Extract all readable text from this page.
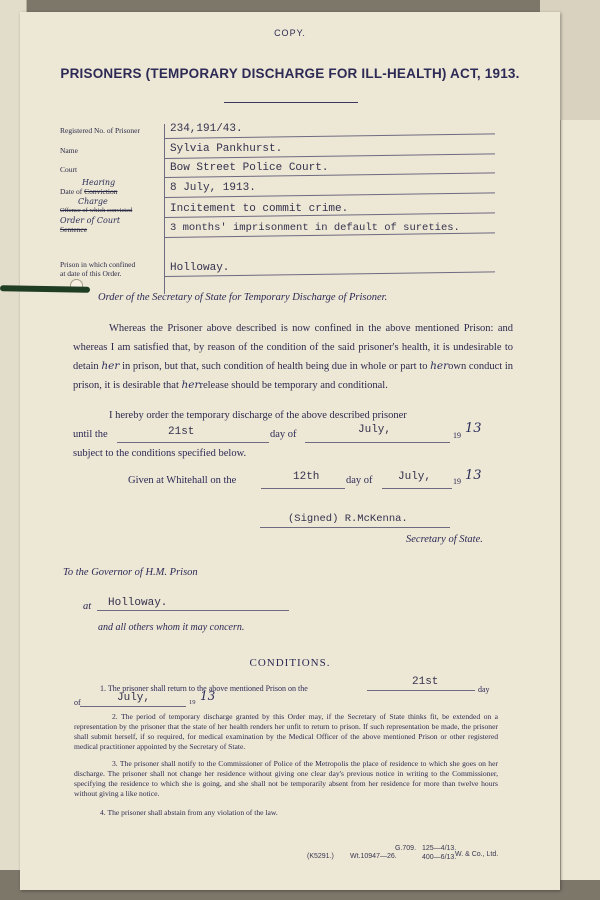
COPY.
PRISONERS (TEMPORARY DISCHARGE FOR ILL-HEALTH) ACT, 1913.
Registered No. of Prisoner	234,191/43.
Name	Sylvia Pankhurst.
Court	Bow Street Police Court.
Hearing
Date of Conviction	8 July, 1913.
Charge
Offence of which convicted	Incitement to commit crime.
Order of Court
Sentence	3 months' imprisonment in default of sureties.
Prison in which confined
at date of this Order.	Holloway.
Order of the Secretary of State for Temporary Discharge of Prisoner.
Whereas the Prisoner above described is now confined in the above mentioned Prison: and whereas I am satisfied that, by reason of the condition of the said prisoner's health, it is undesirable to detain her in prison, but that, such condition of health being due in whole or part to herown conduct in prison, it is desirable that herrelease should be temporary and conditional.
I hereby order the temporary discharge of the above described prisoner
until the	21st	day of	July,	19 13
subject to the conditions specified below.
Given at Whitehall on the	12th	day of July,	19 13
(Signed) R.McKenna.
Secretary of State.
To the Governor of H.M. Prison
at Holloway.
and all others whom it may concern.
CONDITIONS.
1. The prisoner shall return to the above mentioned Prison on the
21st
day
of	July,	19 13
2. The period of temporary discharge granted by this Order may, if the Secretary of State thinks fit, be extended on a representation by the prisoner that the state of her health renders her unfit to return to prison. If such representation be made, the prisoner shall submit herself, if so required, for medical examination by the Medical Officer of the above mentioned Prison or other registered medical practitioner appointed by the Secretary of State.
3. The prisoner shall notify to the Commissioner of Police of the Metropolis the place of residence to which she goes on her discharge. The prisoner shall not change her residence without giving one clear day's previous notice in writing to the Commissioner, specifying the residence to which she is going, and she shall not be temporarily absent from her residence for more than twelve hours without giving a like notice.
4. The prisoner shall abstain from any violation of the law.
(K5291.) Wt.10947—26.
G.709. 125—4/13.
400—6/13.
W. & Co., Ltd.
